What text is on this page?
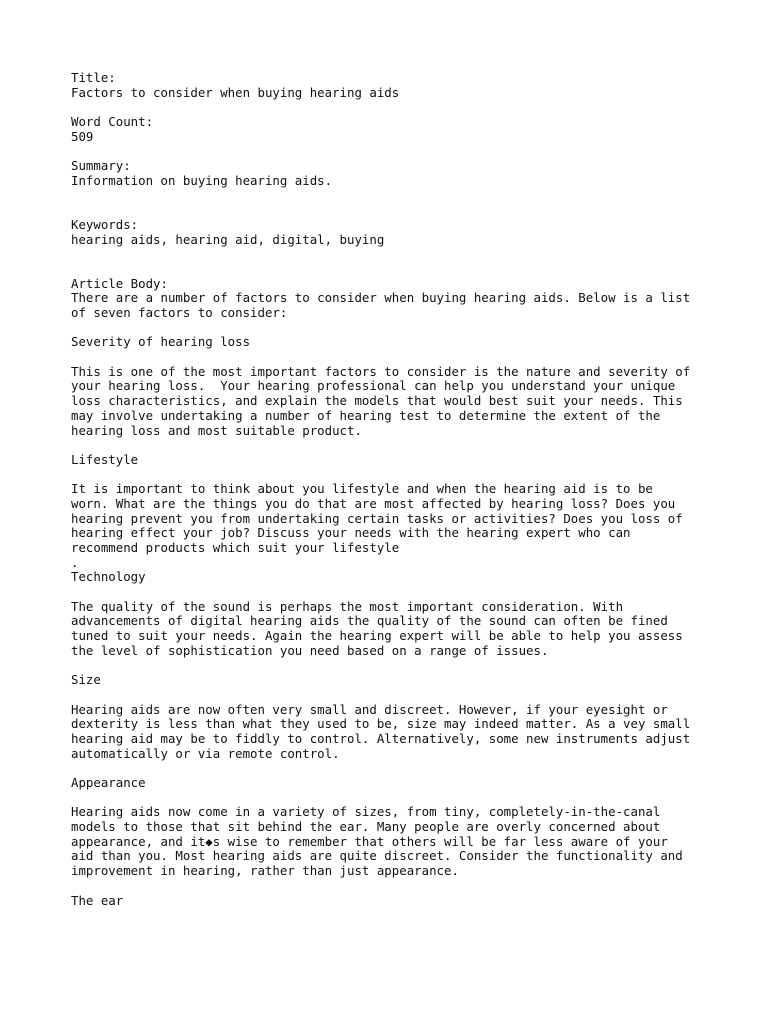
Title:
Factors to consider when buying hearing aids
Word Count:
509
Summary:
Information on buying hearing aids.
Keywords:
hearing aids, hearing aid, digital, buying
Article Body:
There are a number of factors to consider when buying hearing aids. Below is a list
of seven factors to consider:
Severity of hearing loss
This is one of the most important factors to consider is the nature and severity of
your hearing loss.  Your hearing professional can help you understand your unique
loss characteristics, and explain the models that would best suit your needs. This
may involve undertaking a number of hearing test to determine the extent of the
hearing loss and most suitable product.
Lifestyle
It is important to think about you lifestyle and when the hearing aid is to be
worn. What are the things you do that are most affected by hearing loss? Does you
hearing prevent you from undertaking certain tasks or activities? Does you loss of
hearing effect your job? Discuss your needs with the hearing expert who can
recommend products which suit your lifestyle
.
Technology
The quality of the sound is perhaps the most important consideration. With
advancements of digital hearing aids the quality of the sound can often be fined
tuned to suit your needs. Again the hearing expert will be able to help you assess
the level of sophistication you need based on a range of issues.
Size
Hearing aids are now often very small and discreet. However, if your eyesight or
dexterity is less than what they used to be, size may indeed matter. As a vey small
hearing aid may be to fiddly to control. Alternatively, some new instruments adjust
automatically or via remote control.
Appearance
Hearing aids now come in a variety of sizes, from tiny, completely-in-the-canal
models to those that sit behind the ear. Many people are overly concerned about
appearance, and it◆s wise to remember that others will be far less aware of your
aid than you. Most hearing aids are quite discreet. Consider the functionality and
improvement in hearing, rather than just appearance.
The ear
